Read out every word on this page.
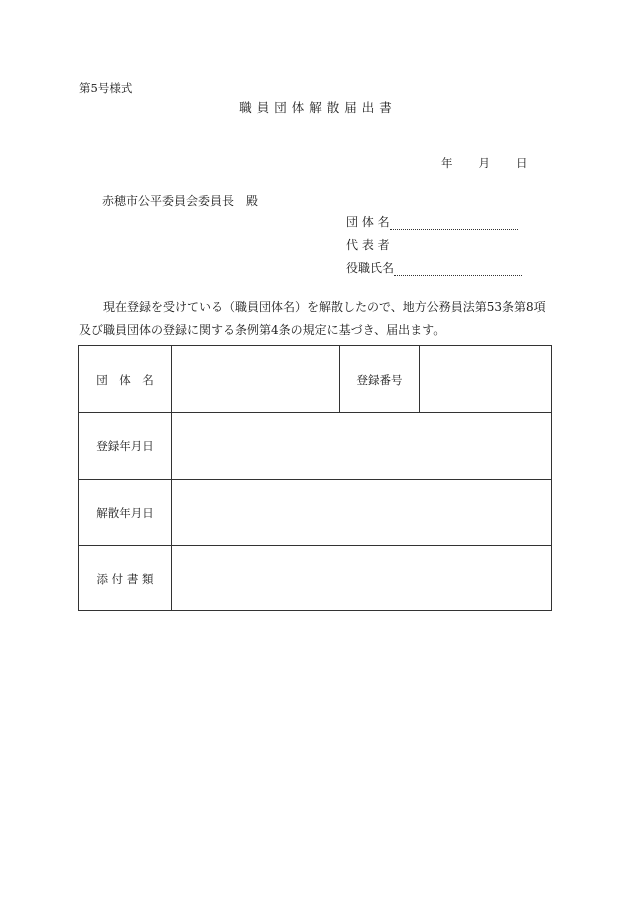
第5号様式
職員団体解散届出書
年 月 日
赤穂市公平委員会委員長　殿
団 体 名
代 表 者
役職氏名

現在登録を受けている（職員団体名）を解散したので、地方公務員法第53条第8項及び職員団体の登録に関する条例第4条の規定に基づき、届出ます。

団　体　名	登録番号
登録年月日
解散年月日
添 付 書 類
